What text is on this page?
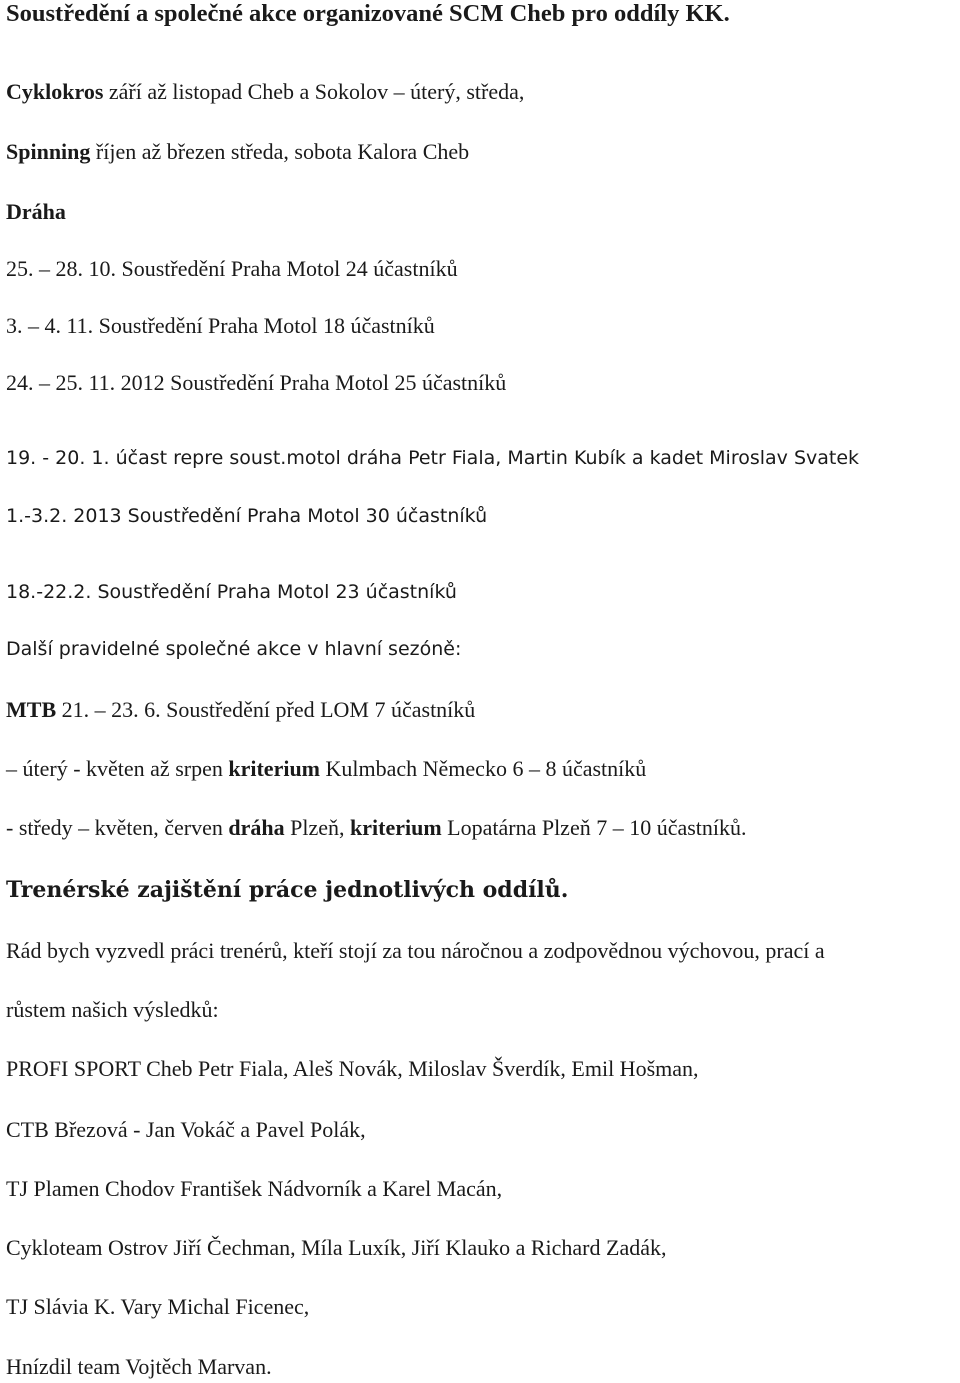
Soustředění a společné akce organizované SCM Cheb pro oddíly KK.
Cyklokros září až listopad Cheb a Sokolov – úterý, středa,
Spinning říjen až březen středa, sobota Kalora Cheb
Dráha
25. – 28. 10. Soustředění Praha Motol 24 účastníků
3. – 4. 11. Soustředění Praha Motol 18 účastníků
24. – 25. 11. 2012 Soustředění Praha Motol 25 účastníků
19. - 20. 1. účast repre soust.motol dráha Petr Fiala, Martin Kubík a kadet Miroslav Svatek
1.-3.2. 2013 Soustředění Praha Motol 30 účastníků
18.-22.2. Soustředění Praha Motol 23 účastníků
Další pravidelné společné akce v hlavní sezóně:
MTB 21. – 23. 6. Soustředění před LOM 7 účastníků
– úterý - květen až srpen kriterium Kulmbach Německo 6 – 8 účastníků
- středy – květen, červen dráha Plzeň, kriterium Lopatárna Plzeň 7 – 10 účastníků.
Trenérské zajištění práce jednotlivých oddílů.
Rád bych vyzvedl práci trenérů, kteří stojí za tou náročnou a zodpovědnou výchovou, prací a
růstem našich výsledků:
PROFI SPORT Cheb Petr Fiala, Aleš Novák, Miloslav Šverdík, Emil Hošman,
CTB Březová - Jan Vokáč a Pavel Polák,
TJ Plamen Chodov František Nádvorník a Karel Macán,
Cykloteam Ostrov Jiří Čechman, Míla Luxík, Jiří Klauko a Richard Zadák,
TJ Slávia K. Vary Michal Ficenec,
Hnízdil team Vojtěch Marvan.
